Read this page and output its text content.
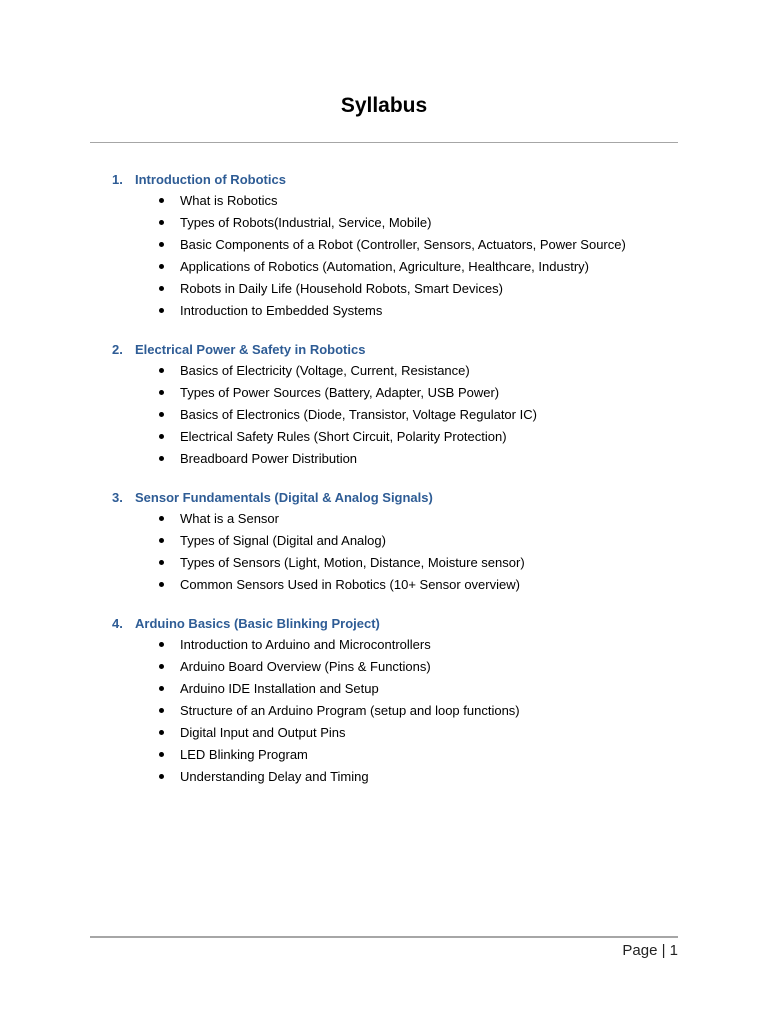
Syllabus
1. Introduction of Robotics
What is Robotics
Types of Robots(Industrial, Service, Mobile)
Basic Components of a Robot (Controller, Sensors, Actuators, Power Source)
Applications of Robotics (Automation, Agriculture, Healthcare, Industry)
Robots in Daily Life (Household Robots, Smart Devices)
Introduction to Embedded Systems
2. Electrical Power & Safety in Robotics
Basics of Electricity (Voltage, Current, Resistance)
Types of Power Sources (Battery, Adapter, USB Power)
Basics of Electronics (Diode, Transistor, Voltage Regulator IC)
Electrical Safety Rules (Short Circuit, Polarity Protection)
Breadboard Power Distribution
3. Sensor Fundamentals (Digital & Analog Signals)
What is a Sensor
Types of Signal (Digital and Analog)
Types of Sensors (Light, Motion, Distance, Moisture sensor)
Common Sensors Used in Robotics (10+ Sensor overview)
4. Arduino Basics (Basic Blinking Project)
Introduction to Arduino and Microcontrollers
Arduino Board Overview (Pins & Functions)
Arduino IDE Installation and Setup
Structure of an Arduino Program (setup and loop functions)
Digital Input and Output Pins
LED Blinking Program
Understanding Delay and Timing
Page | 1
